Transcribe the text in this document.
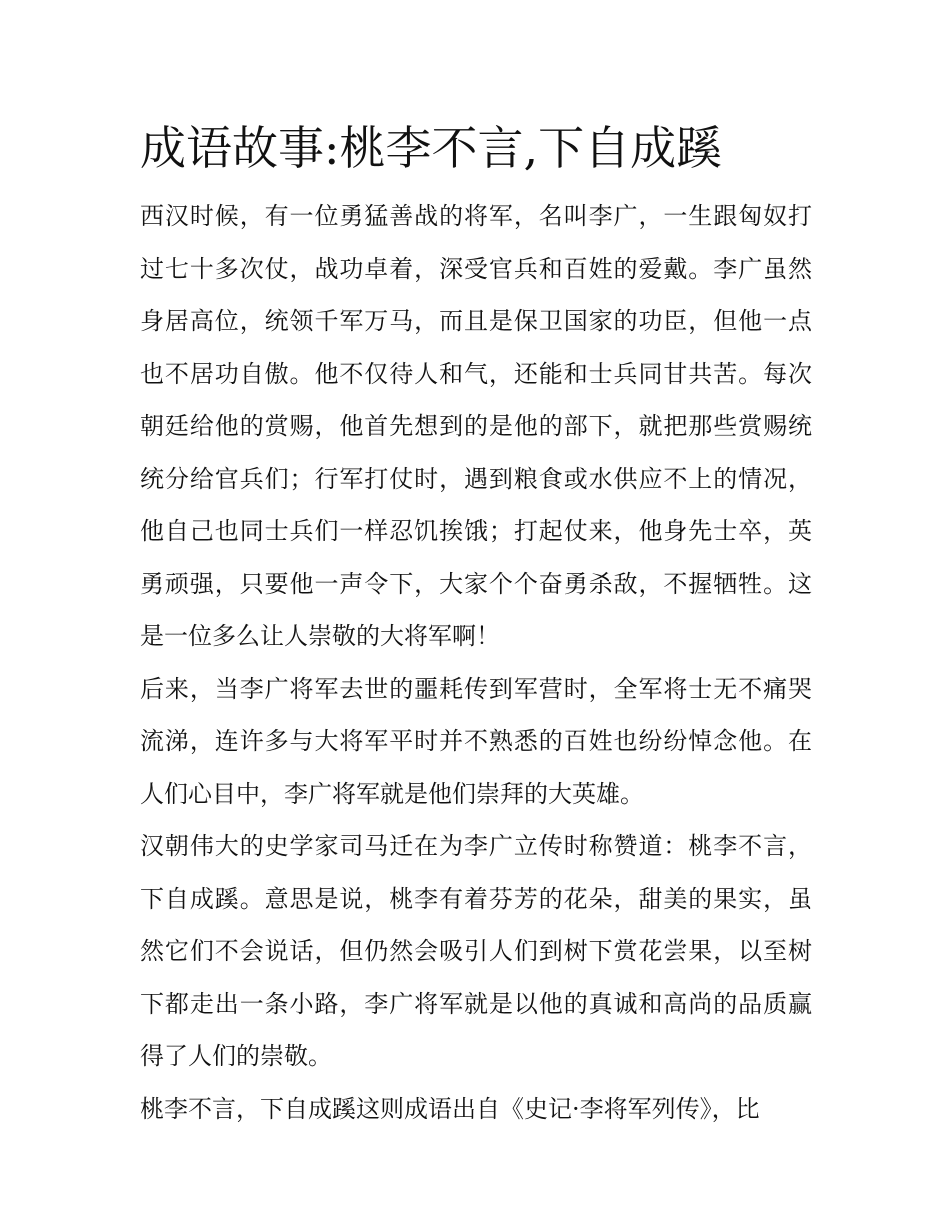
成语故事:桃李不言,下自成蹊
西汉时候，有一位勇猛善战的将军，名叫李广，一生跟匈奴打
过七十多次仗，战功卓着，深受官兵和百姓的爱戴。李广虽然
身居高位，统领千军万马，而且是保卫国家的功臣，但他一点
也不居功自傲。他不仅待人和气，还能和士兵同甘共苦。每次
朝廷给他的赏赐，他首先想到的是他的部下，就把那些赏赐统
统分给官兵们；行军打仗时，遇到粮食或水供应不上的情况，
他自己也同士兵们一样忍饥挨饿；打起仗来，他身先士卒，英
勇顽强，只要他一声令下，大家个个奋勇杀敌，不握牺牲。这
是一位多么让人崇敬的大将军啊！
后来，当李广将军去世的噩耗传到军营时，全军将士无不痛哭
流涕，连许多与大将军平时并不熟悉的百姓也纷纷悼念他。在
人们心目中，李广将军就是他们崇拜的大英雄。
汉朝伟大的史学家司马迁在为李广立传时称赞道：桃李不言，
下自成蹊。意思是说，桃李有着芬芳的花朵，甜美的果实，虽
然它们不会说话，但仍然会吸引人们到树下赏花尝果，以至树
下都走出一条小路，李广将军就是以他的真诚和高尚的品质赢
得了人们的崇敬。
桃李不言，下自成蹊这则成语出自《史记·李将军列传》，比
